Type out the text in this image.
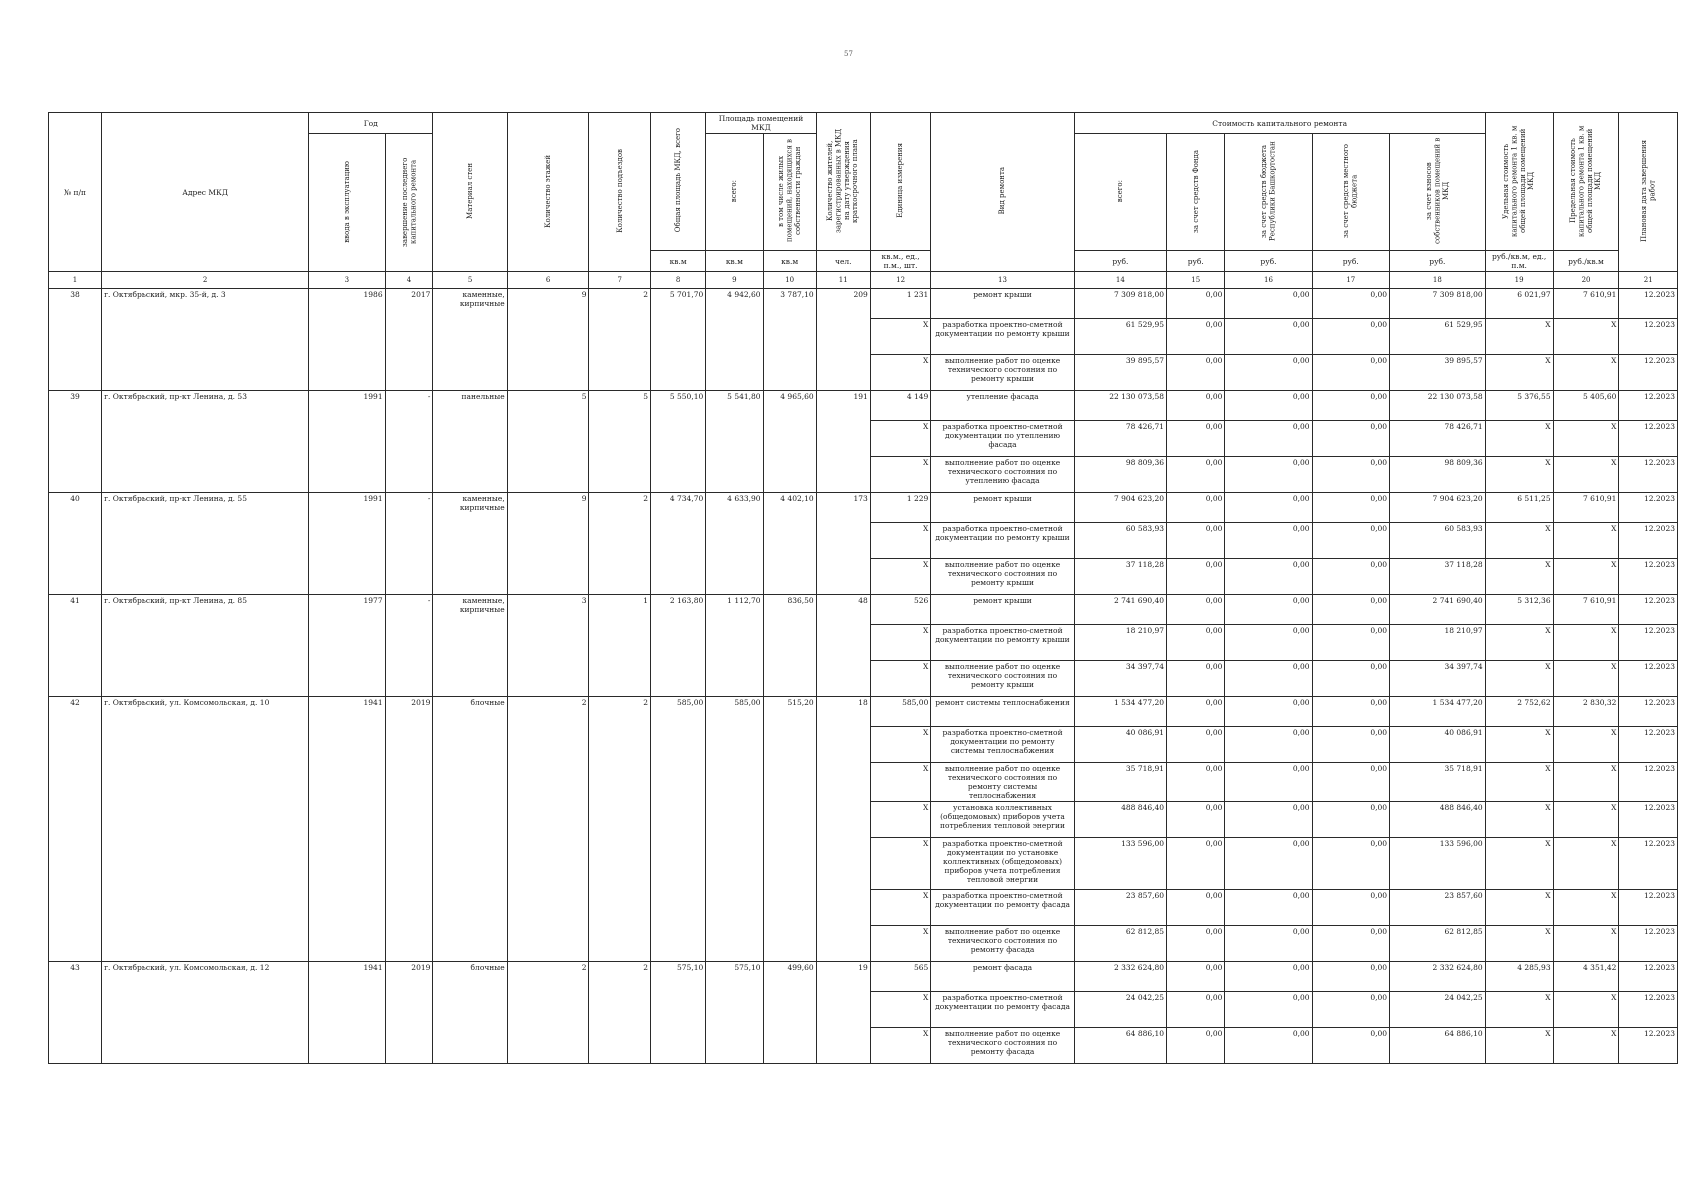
57
№ п/п	Адрес МКД	Год		Материал стен	Количество этажей	Количество подъездов	Общая площадь МКД, всего	Площадь помещений МКД		Количество жителей, зарегистрированных в МКД на дату утверждения краткосрочного плана	Единица измерения	Вид ремонта	Стоимость капитального ремонта					Удельная стоимость капитального ремонта 1 кв. м общей площади помещений МКД	Предельная стоимость капитального ремонта 1 кв. м общей площади помещений МКД	Плановая дата завершения работ
		ввода в эксплуатацию	завершение последнего капитального ремонта					всего:	в том числе жилых помещений, находящихся в собственности граждан				всего:	за счет средств Фонда	за счет средств бюджета Республики Башкортостан	за счет средств местного бюджета	за счет взносов собственников помещений в МКД			
							кв.м	кв.м	кв.м	чел.	кв.м., ед., п.м., шт.		руб.	руб.	руб.	руб.	руб.	руб./кв.м, ед., п.м.	руб./кв.м	
1	2	3	4	5	6	7	8	9	10	11	12	13	14	15	16	17	18	19	20	21
38	г. Октябрьский, мкр. 35-й, д. 3	1986	2017	каменные, кирпичные	9	2	5 701,70	4 942,60	3 787,10	209	1 231	ремонт крыши	7 309 818,00	0,00	0,00	0,00	7 309 818,00	6 021,97	7 610,91	12.2023
											X	разработка проектно-сметной документации по ремонту крыши	61 529,95	0,00	0,00	0,00	61 529,95	X	X	12.2023
											X	выполнение работ по оценке технического состояния по ремонту крыши	39 895,57	0,00	0,00	0,00	39 895,57	X	X	12.2023
39	г. Октябрьский, пр-кт Ленина, д. 53	1991	-	панельные	5	5	5 550,10	5 541,80	4 965,60	191	4 149	утепление фасада	22 130 073,58	0,00	0,00	0,00	22 130 073,58	5 376,55	5 405,60	12.2023
											X	разработка проектно-сметной документации по утеплению фасада	78 426,71	0,00	0,00	0,00	78 426,71	X	X	12.2023
											X	выполнение работ по оценке технического состояния по утеплению фасада	98 809,36	0,00	0,00	0,00	98 809,36	X	X	12.2023
40	г. Октябрьский, пр-кт Ленина, д. 55	1991	-	каменные, кирпичные	9	2	4 734,70	4 633,90	4 402,10	173	1 229	ремонт крыши	7 904 623,20	0,00	0,00	0,00	7 904 623,20	6 511,25	7 610,91	12.2023
											X	разработка проектно-сметной документации по ремонту крыши	60 583,93	0,00	0,00	0,00	60 583,93	X	X	12.2023
											X	выполнение работ по оценке технического состояния по ремонту крыши	37 118,28	0,00	0,00	0,00	37 118,28	X	X	12.2023
41	г. Октябрьский, пр-кт Ленина, д. 85	1977	-	каменные, кирпичные	3	1	2 163,80	1 112,70	836,50	48	526	ремонт крыши	2 741 690,40	0,00	0,00	0,00	2 741 690,40	5 312,36	7 610,91	12.2023
											X	разработка проектно-сметной документации по ремонту крыши	18 210,97	0,00	0,00	0,00	18 210,97	X	X	12.2023
											X	выполнение работ по оценке технического состояния по ремонту крыши	34 397,74	0,00	0,00	0,00	34 397,74	X	X	12.2023
42	г. Октябрьский, ул. Комсомольская, д. 10	1941	2019	блочные	2	2	585,00	585,00	515,20	18	585,00	ремонт системы теплоснабжения	1 534 477,20	0,00	0,00	0,00	1 534 477,20	2 752,62	2 830,32	12.2023
											X	разработка проектно-сметной документации по ремонту системы теплоснабжения	40 086,91	0,00	0,00	0,00	40 086,91	X	X	12.2023
											X	выполнение работ по оценке технического состояния по ремонту системы теплоснабжения	35 718,91	0,00	0,00	0,00	35 718,91	X	X	12.2023
											X	установка коллективных (общедомовых) приборов учета потребления тепловой энергии	488 846,40	0,00	0,00	0,00	488 846,40	X	X	12.2023
											X	разработка проектно-сметной документации по установке коллективных (общедомовых) приборов учета потребления тепловой энергии	133 596,00	0,00	0,00	0,00	133 596,00	X	X	12.2023
											X	разработка проектно-сметной документации по ремонту фасада	23 857,60	0,00	0,00	0,00	23 857,60	X	X	12.2023
											X	выполнение работ по оценке технического состояния по ремонту фасада	62 812,85	0,00	0,00	0,00	62 812,85	X	X	12.2023
43	г. Октябрьский, ул. Комсомольская, д. 12	1941	2019	блочные	2	2	575,10	575,10	499,60	19	565	ремонт фасада	2 332 624,80	0,00	0,00	0,00	2 332 624,80	4 285,93	4 351,42	12.2023
											X	разработка проектно-сметной документации по ремонту фасада	24 042,25	0,00	0,00	0,00	24 042,25	X	X	12.2023
											X	выполнение работ по оценке технического состояния по ремонту фасада	64 886,10	0,00	0,00	0,00	64 886,10	X	X	12.2023
